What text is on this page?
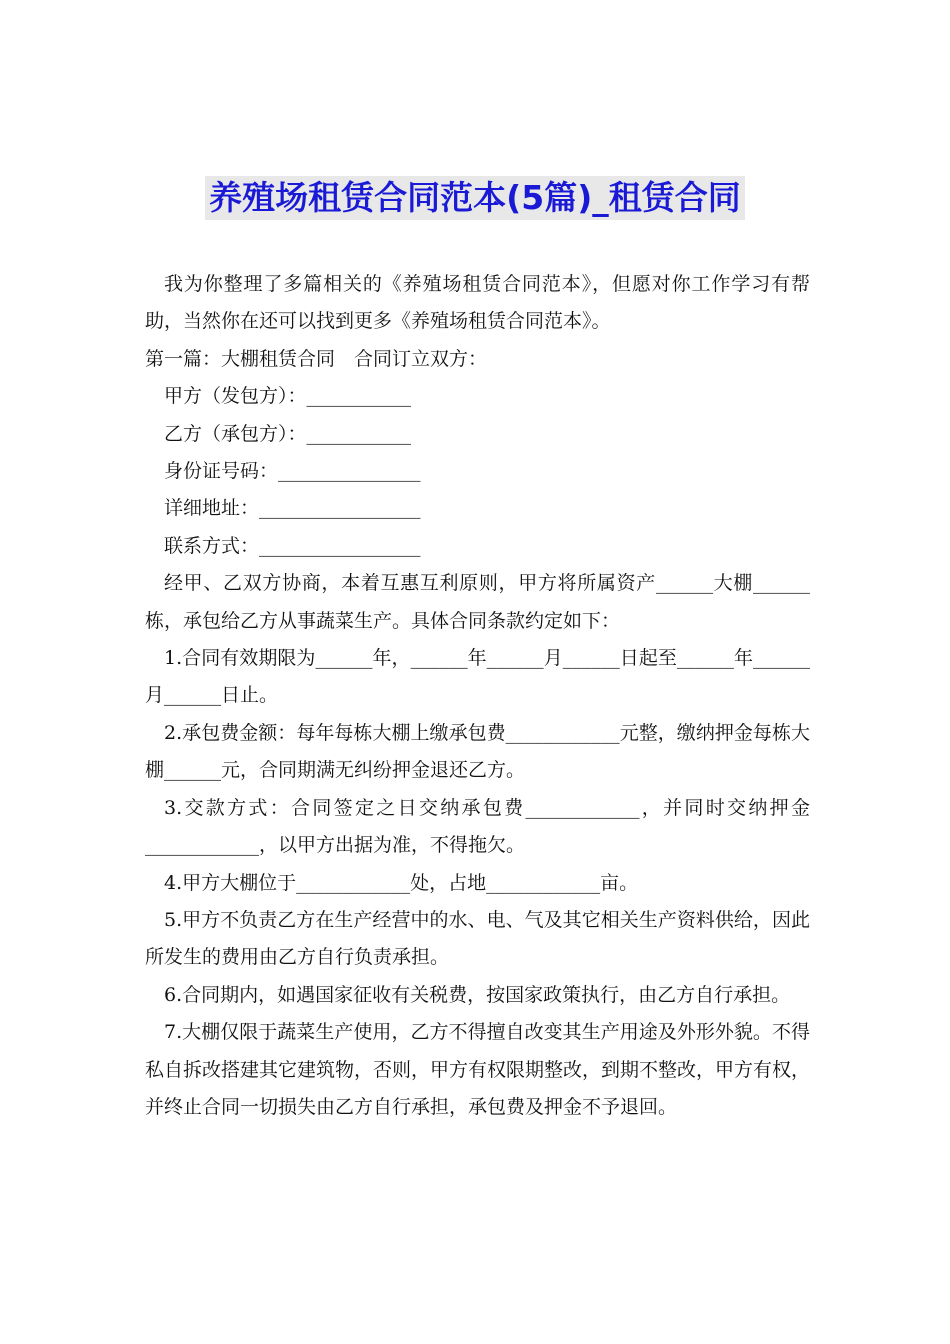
养殖场租赁合同范本(5篇)_租赁合同

我为你整理了多篇相关的《养殖场租赁合同范本》，但愿对你工作学习有帮助，当然你在还可以找到更多《养殖场租赁合同范本》。

第一篇：大棚租赁合同　合同订立双方：

甲方（发包方）：___________

乙方（承包方）：___________

身份证号码：_______________

详细地址：_________________

联系方式：_________________

经甲、乙双方协商，本着互惠互利原则，甲方将所属资产______大棚______栋，承包给乙方从事蔬菜生产。具体合同条款约定如下：

1.合同有效期限为______年，______年______月______日起至______年______月______日止。

2.承包费金额：每年每栋大棚上缴承包费____________元整，缴纳押金每栋大棚______元，合同期满无纠纷押金退还乙方。

3.交款方式：合同签定之日交纳承包费____________，并同时交纳押金____________，以甲方出据为准，不得拖欠。

4.甲方大棚位于____________处，占地____________亩。

5.甲方不负责乙方在生产经营中的水、电、气及其它相关生产资料供给，因此所发生的费用由乙方自行负责承担。

6.合同期内，如遇国家征收有关税费，按国家政策执行，由乙方自行承担。

7.大棚仅限于蔬菜生产使用，乙方不得擅自改变其生产用途及外形外貌。不得私自拆改搭建其它建筑物，否则，甲方有权限期整改，到期不整改，甲方有权，并终止合同一切损失由乙方自行承担，承包费及押金不予退回。
